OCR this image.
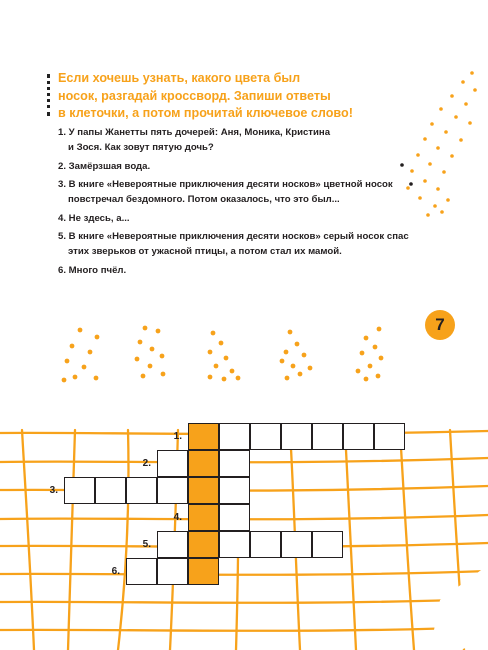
Если хочешь узнать, какого цвета был
носок, разгадай кроссворд. Запиши ответы
в клеточки, а потом прочитай ключевое слово!
1. У папы Жанетты пять дочерей: Аня, Моника, Кристина
и Зося. Как зовут пятую дочь?
2. Замёрзшая вода.
3. В книге «Невероятные приключения десяти носков» цветной носок
повстречал бездомного. Потом оказалось, что это был...
4. Не здесь, а...
5. В книге «Невероятные приключения десяти носков» серый носок спас
этих зверьков от ужасной птицы, а потом стал их мамой.
6. Много пчёл.
7
1.
2.
3.
4.
5.
6.
